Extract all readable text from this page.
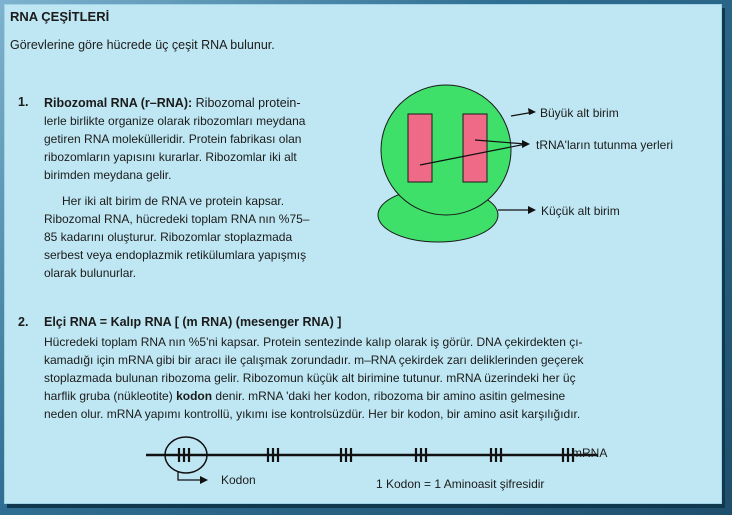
RNA ÇEŞİTLERİ
Görevlerine göre hücrede üç çeşit RNA bulunur.
1. Ribozomal RNA (r–RNA): Ribozomal protein-
lerle birlikte organize olarak ribozomları meydana
getiren RNA molekülleridir. Protein fabrikası olan
ribozomların yapısını kurarlar. Ribozomlar iki alt
birimden meydana gelir.
Her iki alt birim de RNA ve protein kapsar.
Ribozomal RNA, hücredeki toplam RNA nın %75–
85 kadarını oluşturur. Ribozomlar stoplazmada
serbest veya endoplazmik retikülumlara yapışmış
olarak bulunurlar.
Büyük alt birim
tRNA'ların tutunma yerleri
Küçük alt birim
2. Elçi RNA = Kalıp RNA [ (m RNA) (mesenger RNA) ]
Hücredeki toplam RNA nın %5'ni kapsar. Protein sentezinde kalıp olarak iş görür. DNA çekirdekten çı-
kamadığı için mRNA gibi bir aracı ile çalışmak zorundadır. m–RNA çekirdek zarı deliklerinden geçerek
stoplazmada bulunan ribozoma gelir. Ribozomun küçük alt birimine tutunur. mRNA üzerindeki her üç
harflik gruba (nükleotite) kodon denir. mRNA 'daki her kodon, ribozoma bir amino asitin gelmesine
neden olur. mRNA yapımı kontrollü, yıkımı ise kontrolsüzdür. Her bir kodon, bir amino asit karşılığıdır.
mRNA
Kodon	1 Kodon = 1 Aminoasit şifresidir
